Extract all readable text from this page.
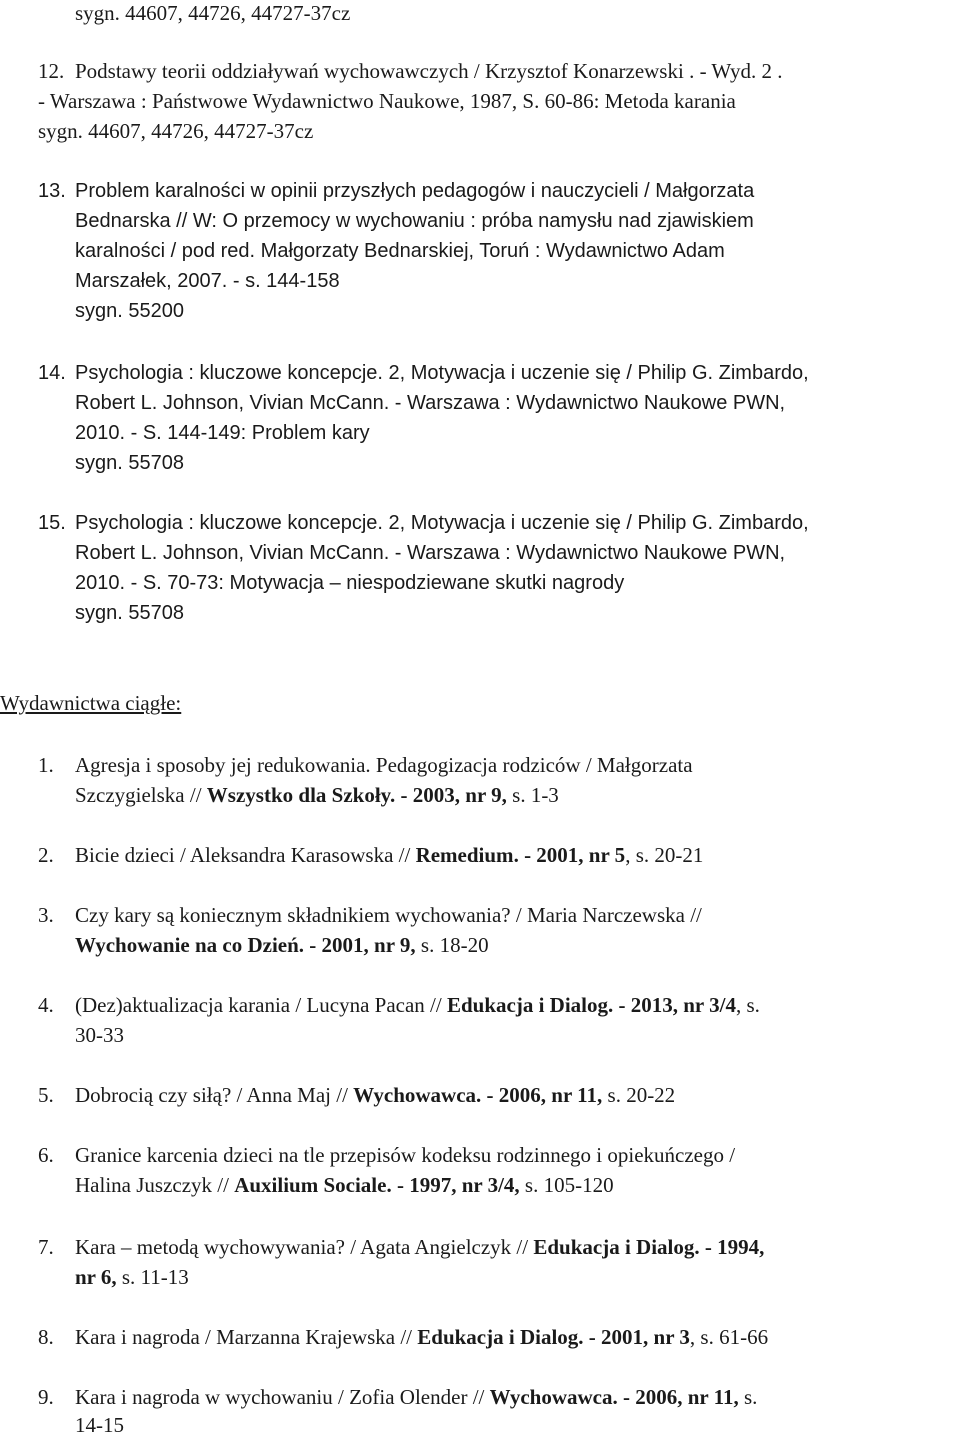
sygn. 44607, 44726, 44727-37cz
12. Podstawy teorii oddziaływań wychowawczych / Krzysztof Konarzewski . - Wyd. 2 .
- Warszawa : Państwowe Wydawnictwo Naukowe, 1987, S. 60-86: Metoda karania
sygn. 44607, 44726, 44727-37cz
13. Problem karalności w opinii przyszłych pedagogów i nauczycieli / Małgorzata
Bednarska // W: O przemocy w wychowaniu : próba namysłu nad zjawiskiem
karalności / pod red. Małgorzaty Bednarskiej, Toruń : Wydawnictwo Adam
Marszałek, 2007. - s. 144-158
sygn. 55200
14. Psychologia : kluczowe koncepcje. 2, Motywacja i uczenie się / Philip G. Zimbardo,
Robert L. Johnson, Vivian McCann. - Warszawa : Wydawnictwo Naukowe PWN,
2010. - S. 144-149: Problem kary
sygn. 55708
15. Psychologia : kluczowe koncepcje. 2, Motywacja i uczenie się / Philip G. Zimbardo,
Robert L. Johnson, Vivian McCann. - Warszawa : Wydawnictwo Naukowe PWN,
2010. - S. 70-73: Motywacja – niespodziewane skutki nagrody
sygn. 55708
Wydawnictwa ciągłe:
1. Agresja i sposoby jej redukowania. Pedagogizacja rodziców / Małgorzata
Szczygielska // Wszystko dla Szkoły. - 2003, nr 9, s. 1-3
2. Bicie dzieci / Aleksandra Karasowska // Remedium. - 2001, nr 5, s. 20-21
3. Czy kary są koniecznym składnikiem wychowania? / Maria Narczewska //
Wychowanie na co Dzień. - 2001, nr 9, s. 18-20
4. (Dez)aktualizacja karania / Lucyna Pacan // Edukacja i Dialog. - 2013, nr 3/4, s.
30-33
5. Dobrocią czy siłą? / Anna Maj // Wychowawca. - 2006, nr 11, s. 20-22
6. Granice karcenia dzieci na tle przepisów kodeksu rodzinnego i opiekuńczego /
Halina Juszczyk // Auxilium Sociale. - 1997, nr 3/4, s. 105-120
7. Kara – metodą wychowywania? / Agata Angielczyk // Edukacja i Dialog. - 1994,
nr 6, s. 11-13
8. Kara i nagroda / Marzanna Krajewska // Edukacja i Dialog. - 2001, nr 3, s. 61-66
9. Kara i nagroda w wychowaniu / Zofia Olender // Wychowawca. - 2006, nr 11, s.
14-15
